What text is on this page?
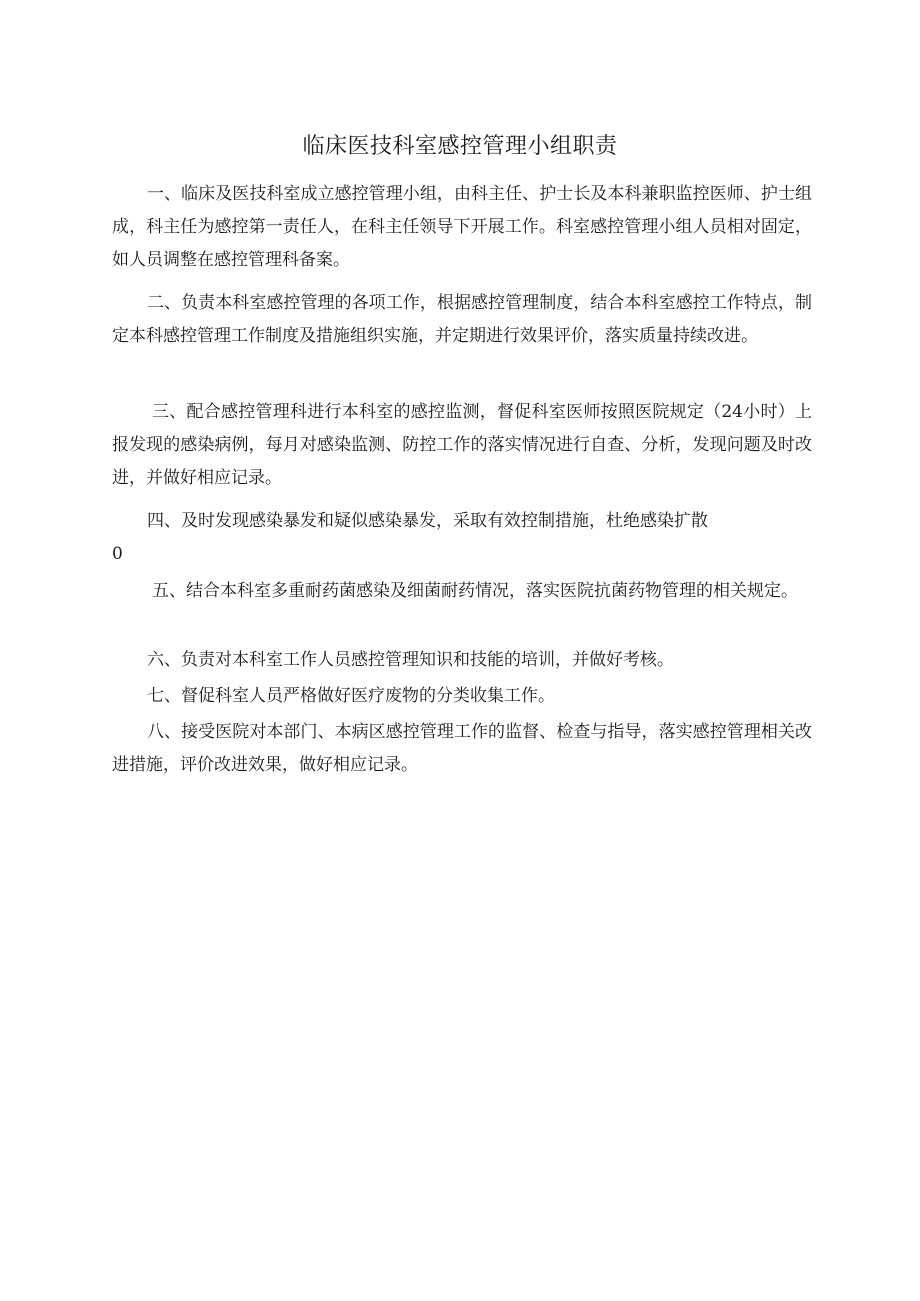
临床医技科室感控管理小组职责
一、临床及医技科室成立感控管理小组，由科主任、护士长及本科兼职监控医师、护士组成，科主任为感控第一责任人，在科主任领导下开展工作。科室感控管理小组人员相对固定，如人员调整在感控管理科备案。
二、负责本科室感控管理的各项工作，根据感控管理制度，结合本科室感控工作特点，制定本科感控管理工作制度及措施组织实施，并定期进行效果评价，落实质量持续改进。
三、配合感控管理科进行本科室的感控监测，督促科室医师按照医院规定（24小时）上报发现的感染病例，每月对感染监测、防控工作的落实情况进行自查、分析，发现问题及时改进，并做好相应记录。
四、及时发现感染暴发和疑似感染暴发，采取有效控制措施，杜绝感染扩散
0
五、结合本科室多重耐药菌感染及细菌耐药情况，落实医院抗菌药物管理的相关规定。
六、负责对本科室工作人员感控管理知识和技能的培训，并做好考核。
七、督促科室人员严格做好医疗废物的分类收集工作。
八、接受医院对本部门、本病区感控管理工作的监督、检查与指导，落实感控管理相关改进措施，评价改进效果，做好相应记录。
